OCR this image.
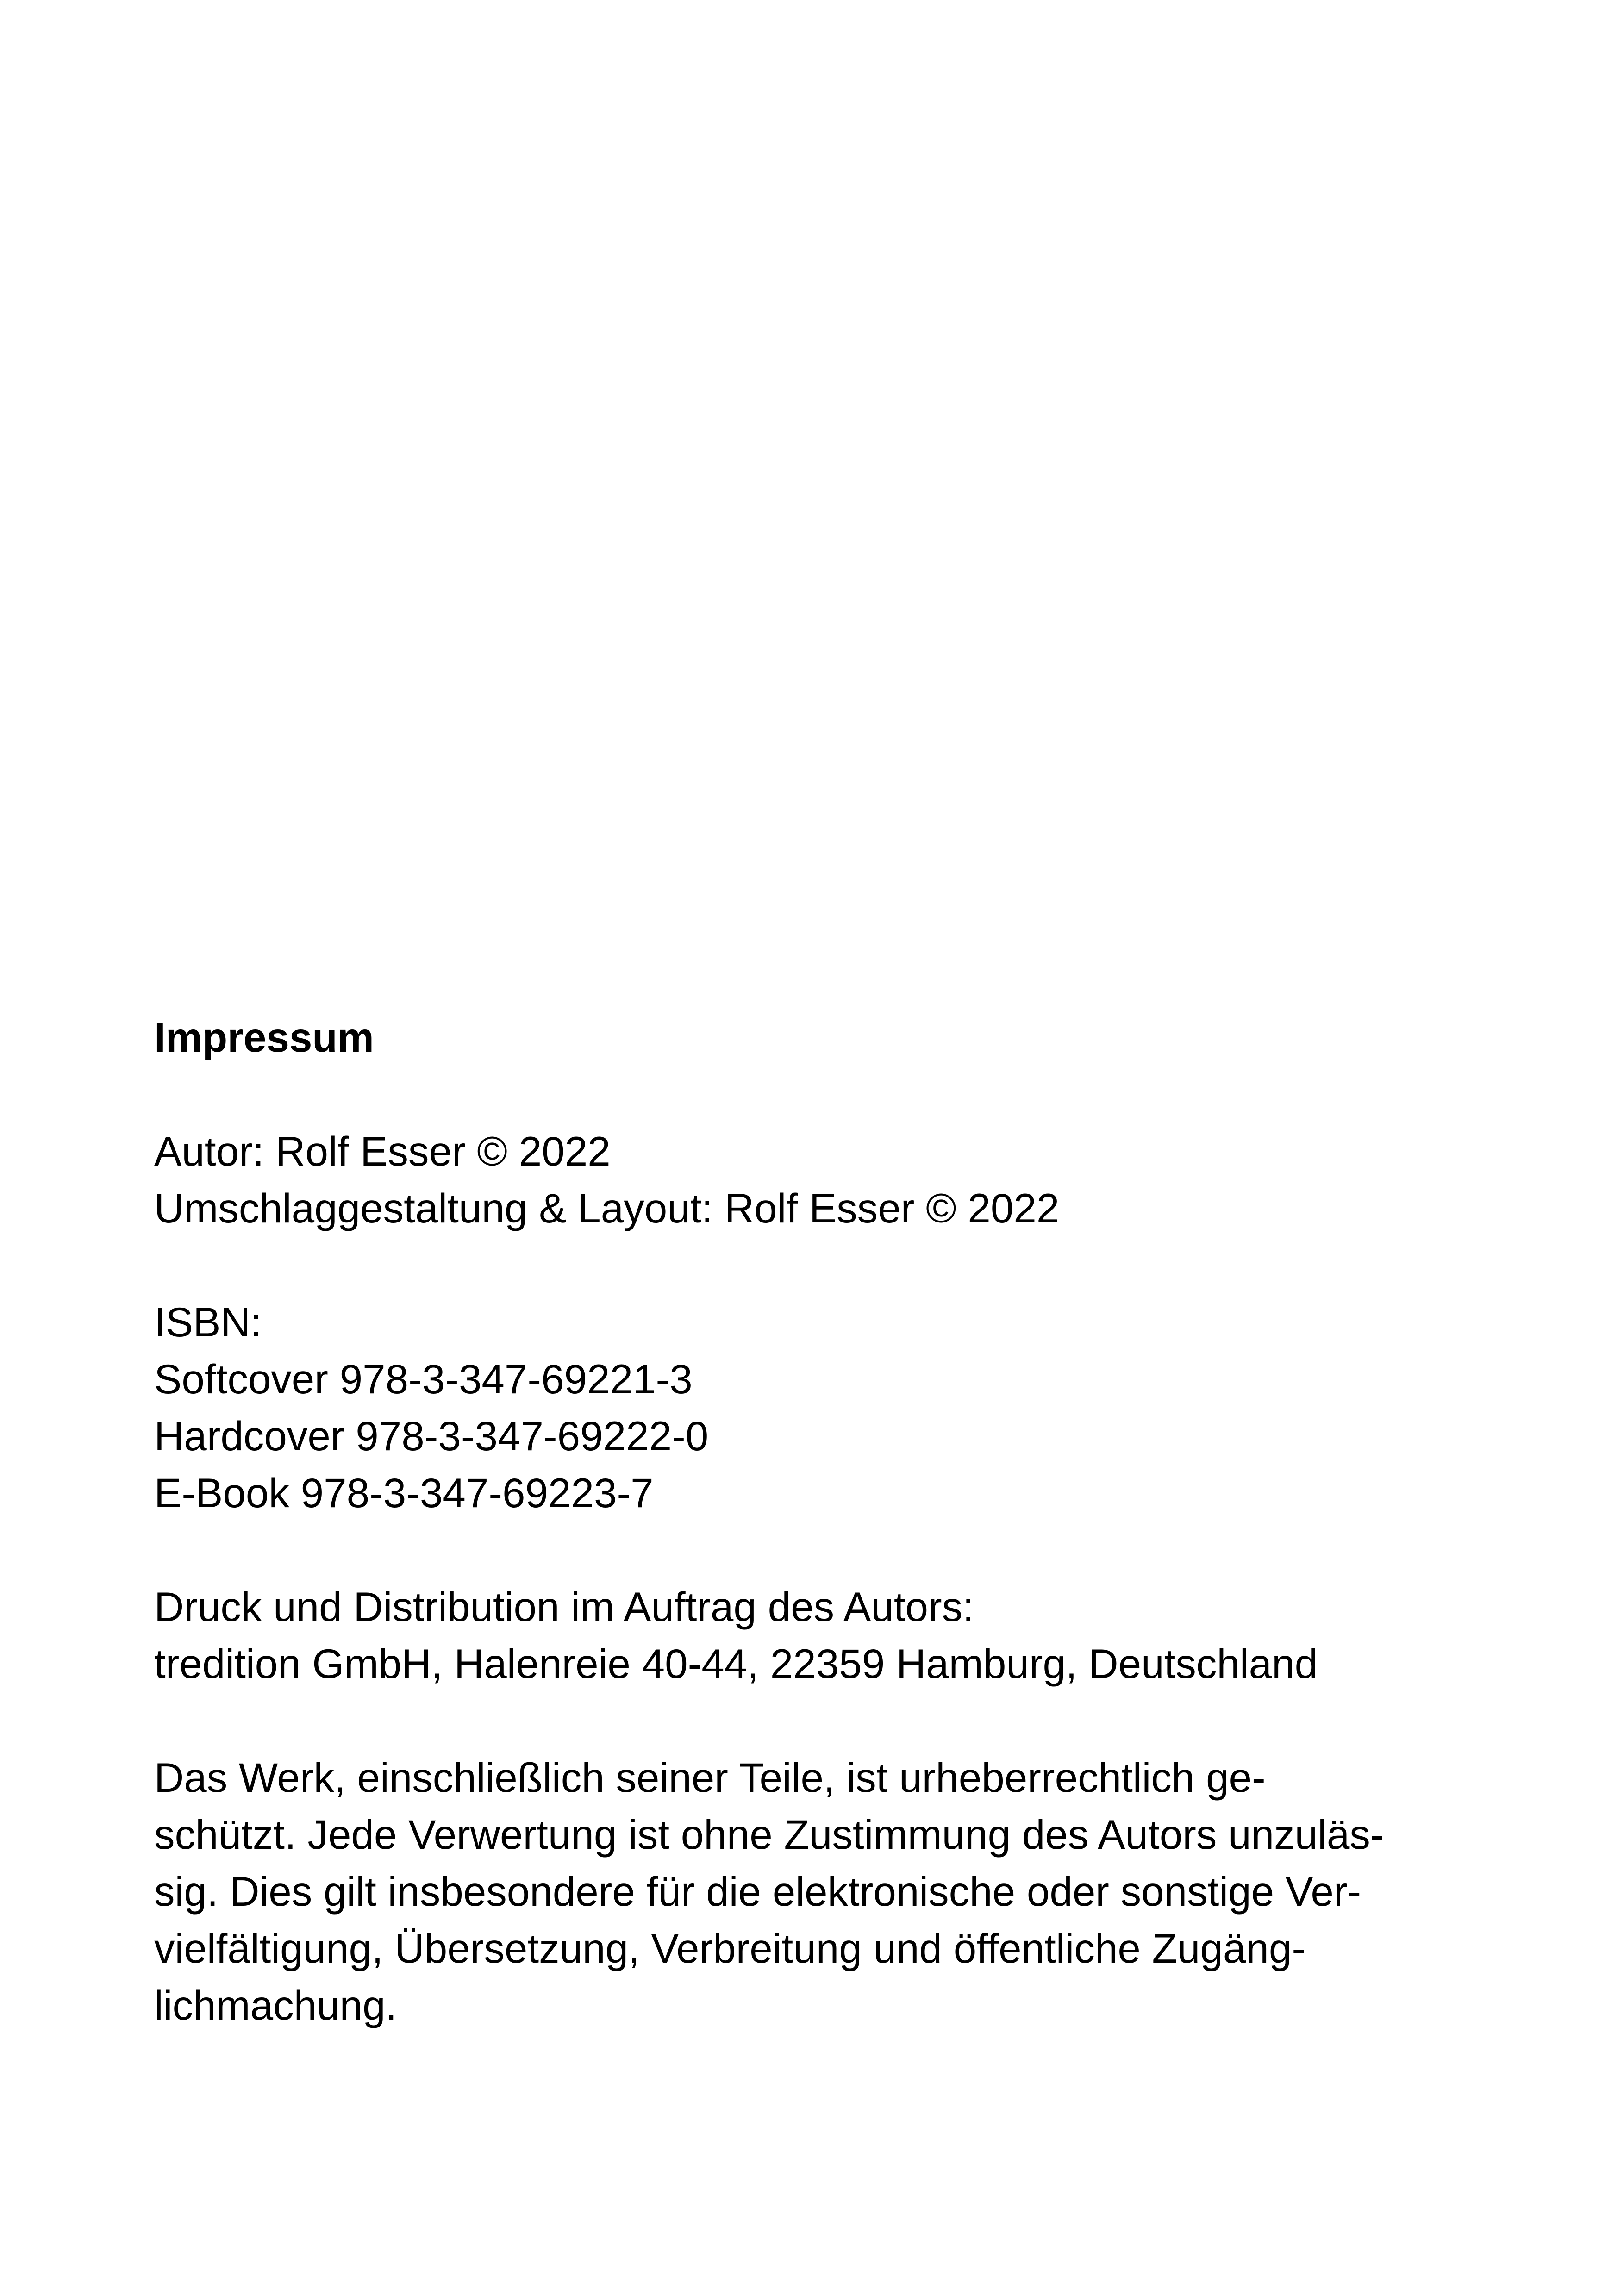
Impressum

Autor: Rolf Esser © 2022
Umschlaggestaltung & Layout: Rolf Esser © 2022

ISBN:
Softcover 978-3-347-69221-3
Hardcover 978-3-347-69222-0
E-Book 978-3-347-69223-7

Druck und Distribution im Auftrag des Autors:
tredition GmbH, Halenreie 40-44, 22359 Hamburg, Deutschland

Das Werk, einschließlich seiner Teile, ist urheberrechtlich ge-
schützt. Jede Verwertung ist ohne Zustimmung des Autors unzuläs-
sig. Dies gilt insbesondere für die elektronische oder sonstige Ver-
vielfältigung, Übersetzung, Verbreitung und öffentliche Zugäng-
lichmachung.
